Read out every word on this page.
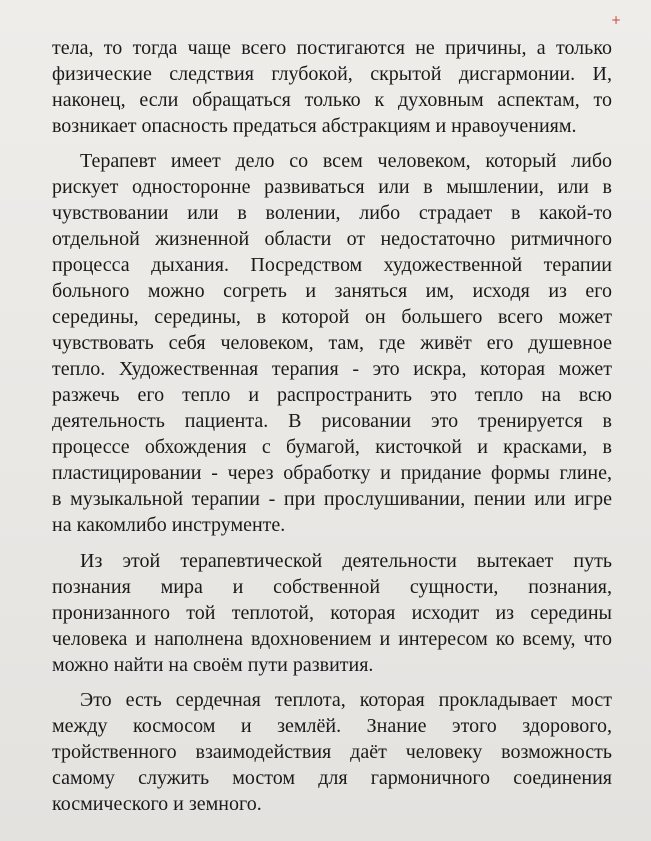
+
тела, то тогда чаще всего постигаются не причины, а только
физические следствия глубокой, скрытой дисгармонии. И,
наконец, если обращаться только к духовным аспектам, то
возникает опасность предаться абстракциям и нравоучениям.
Терапевт имеет дело со всем человеком, который либо
рискует односторонне развиваться или в мышлении, или в
чувствовании или в волении, либо страдает в какой-то
отдельной жизненной области от недостаточно ритмичного
процесса дыхания. Посредством художественной терапии
больного можно согреть и заняться им, исходя из его
середины, середины, в которой он большего всего может
чувствовать себя человеком, там, где живёт его душевное
тепло. Художественная терапия - это искра, которая может
разжечь его тепло и распространить это тепло на всю
деятельность пациента. В рисовании это тренируется в
процессе обхождения с бумагой, кисточкой и красками, в
пластицировании - через обработку и придание формы глине,
в музыкальной терапии - при прослушивании, пении или игре
на какомлибо инструменте.
Из этой терапевтической деятельности вытекает путь
познания мира и собственной сущности, познания,
пронизанного той теплотой, которая исходит из середины
человека и наполнена вдохновением и интересом ко всему, что
можно найти на своём пути развития.
Это есть сердечная теплота, которая прокладывает мост
между космосом и землёй. Знание этого здорового,
тройственного взаимодействия даёт человеку возможность
самому служить мостом для гармоничного соединения
космического и земного.
